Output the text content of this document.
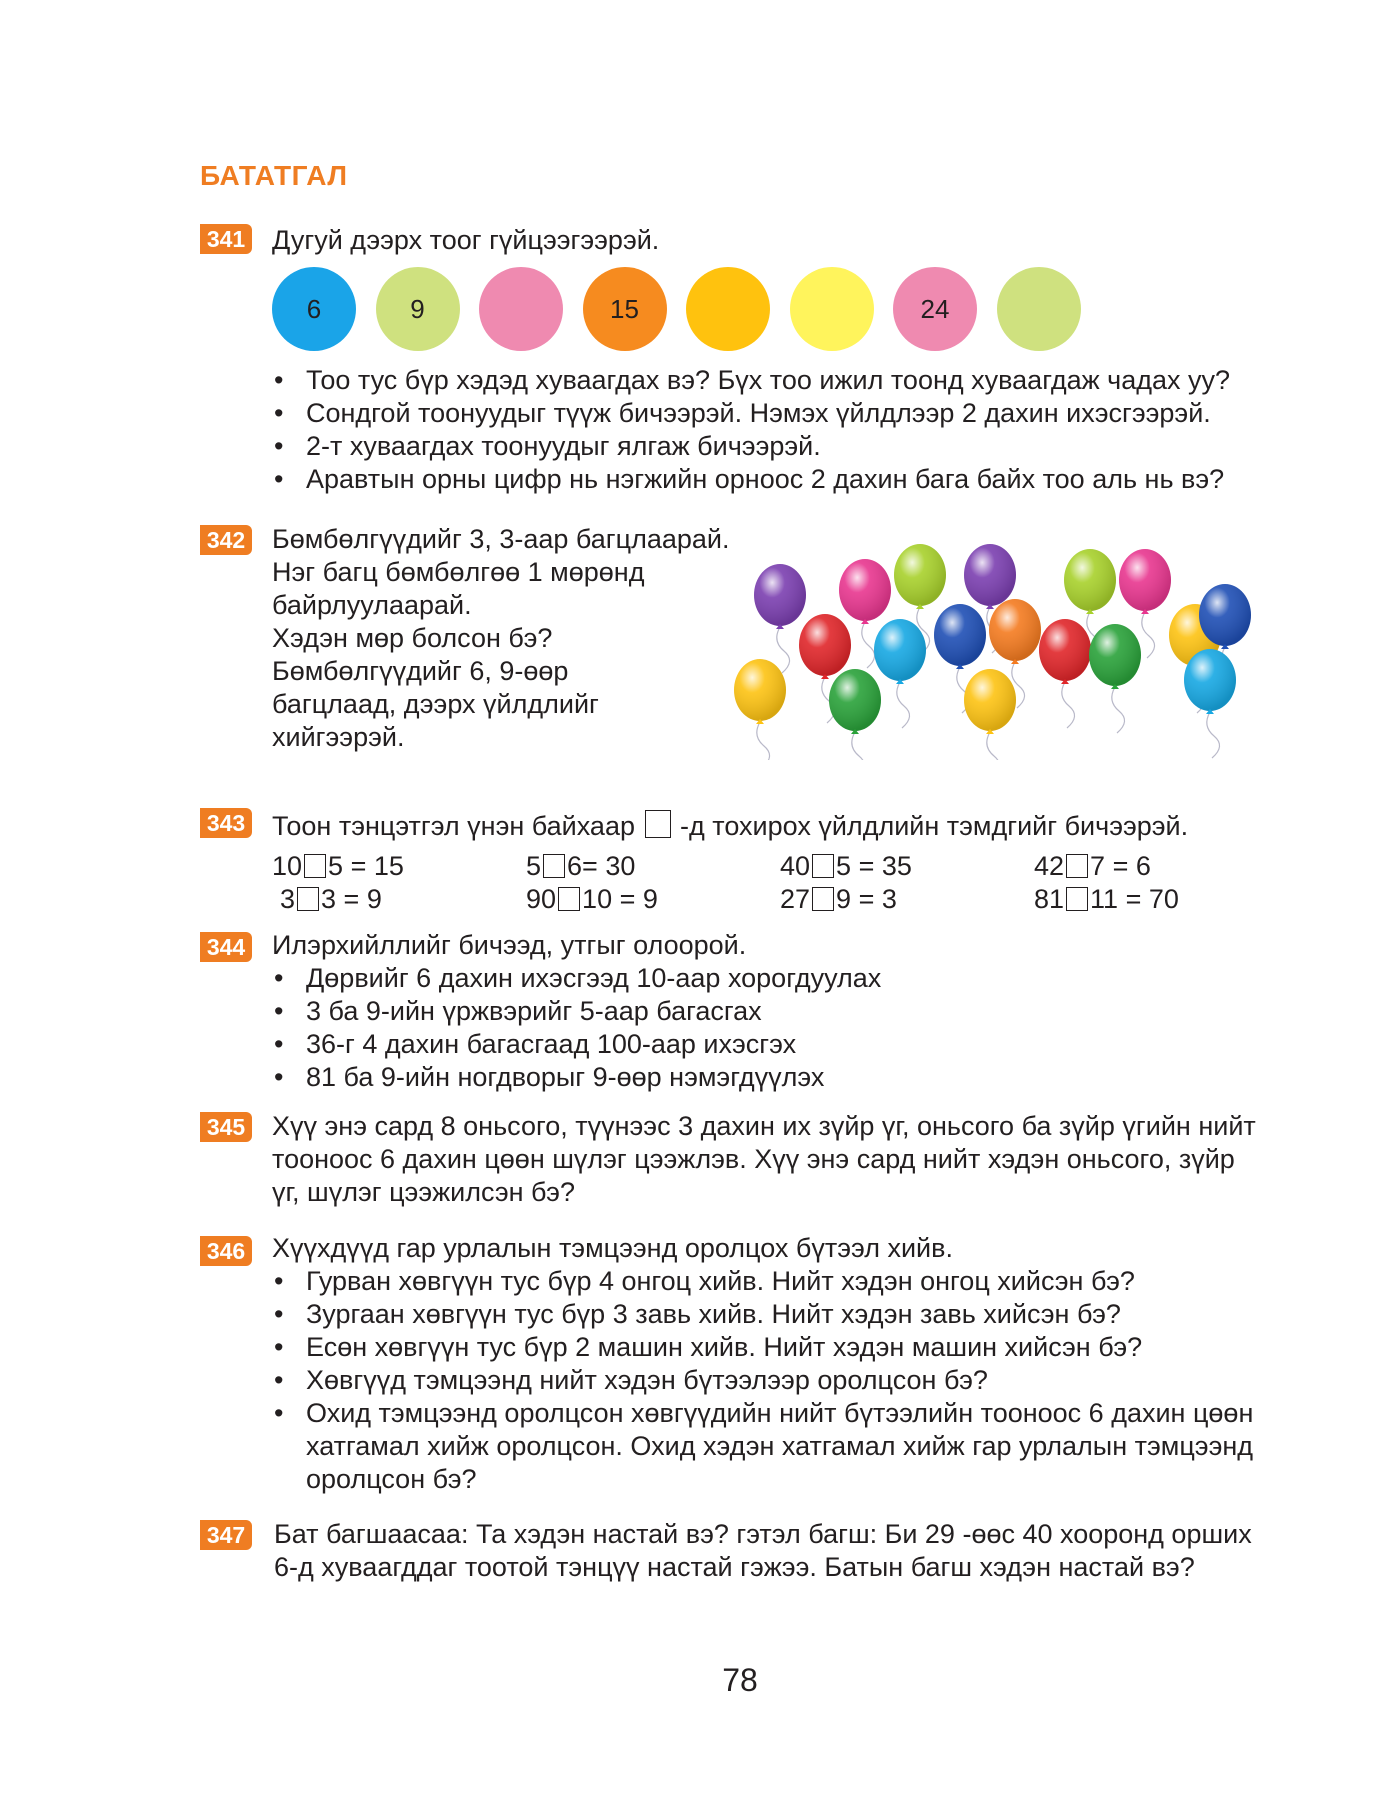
БАТАТГАЛ
341 Дугуй дээрх тоог гүйцээгээрэй.
6	9	15	24
• Тоо тус бүр хэдэд хуваагдах вэ? Бүх тоо ижил тоонд хуваагдаж чадах уу?
• Сондгой тоонуудыг түүж бичээрэй. Нэмэх үйлдлээр 2 дахин ихэсгээрэй.
• 2-т хуваагдах тоонуудыг ялгаж бичээрэй.
• Аравтын орны цифр нь нэгжийн орноос 2 дахин бага байх тоо аль нь вэ?
342 Бөмбөлгүүдийг 3, 3-аар багцлаарай.
Нэг багц бөмбөлгөө 1 мөрөнд
байрлуулаарай.
Хэдэн мөр болсон бэ?
Бөмбөлгүүдийг 6, 9-өөр
багцлаад, дээрх үйлдлийг
хийгээрэй.
343 Тоон тэнцэтгэл үнэн байхаар -д тохирох үйлдлийн тэмдгийг бичээрэй.
10 5 = 15	5 6= 30	40 5 = 35	42 7 = 6
3 3 = 9	90 10 = 9	27 9 = 3	81 11 = 70
344 Илэрхийллийг бичээд, утгыг олоорой.
• Дөрвийг 6 дахин ихэсгээд 10-аар хорогдуулах
• 3 ба 9-ийн үржвэрийг 5-аар багасгах
• 36-г 4 дахин багасгаад 100-аар ихэсгэх
• 81 ба 9-ийн ногдворыг 9-өөр нэмэгдүүлэх
345 Хүү энэ сард 8 оньсого, түүнээс 3 дахин их зүйр үг, оньсого ба зүйр үгийн нийт
тооноос 6 дахин цөөн шүлэг цээжлэв. Хүү энэ сард нийт хэдэн оньсого, зүйр
үг, шүлэг цээжилсэн бэ?
346 Хүүхдүүд гар урлалын тэмцээнд оролцох бүтээл хийв.
• Гурван хөвгүүн тус бүр 4 онгоц хийв. Нийт хэдэн онгоц хийсэн бэ?
• Зургаан хөвгүүн тус бүр 3 завь хийв. Нийт хэдэн завь хийсэн бэ?
• Есөн хөвгүүн тус бүр 2 машин хийв. Нийт хэдэн машин хийсэн бэ?
• Хөвгүүд тэмцээнд нийт хэдэн бүтээлээр оролцсон бэ?
• Охид тэмцээнд оролцсон хөвгүүдийн нийт бүтээлийн тооноос 6 дахин цөөн
хатгамал хийж оролцсон. Охид хэдэн хатгамал хийж гар урлалын тэмцээнд
оролцсон бэ?
347 Бат багшаасаа: Та хэдэн настай вэ? гэтэл багш: Би 29 -өөс 40 хооронд орших
6-д хуваагддаг тоотой тэнцүү настай гэжээ. Батын багш хэдэн настай вэ?
78
